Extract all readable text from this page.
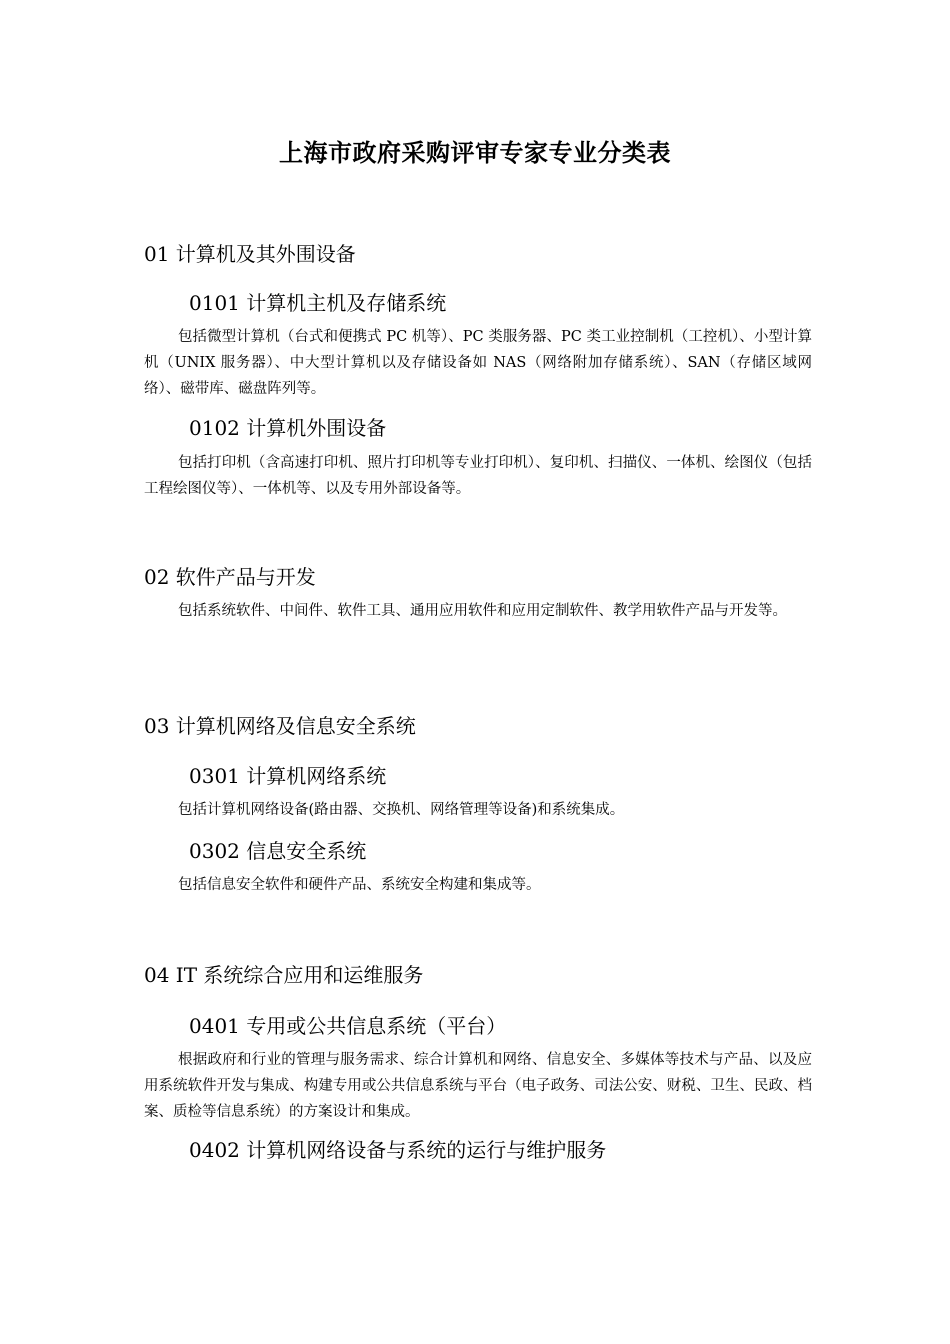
上海市政府采购评审专家专业分类表
01 计算机及其外围设备
0101 计算机主机及存储系统
包括微型计算机（台式和便携式 PC 机等）、PC 类服务器、PC 类工业控制机（工控机）、小型计算机（UNIX 服务器）、中大型计算机以及存储设备如 NAS（网络附加存储系统）、SAN（存储区域网络）、磁带库、磁盘阵列等。
0102 计算机外围设备
包括打印机（含高速打印机、照片打印机等专业打印机）、复印机、扫描仪、一体机、绘图仪（包括工程绘图仪等）、一体机等、以及专用外部设备等。
02 软件产品与开发
包括系统软件、中间件、软件工具、通用应用软件和应用定制软件、教学用软件产品与开发等。
03 计算机网络及信息安全系统
0301 计算机网络系统
包括计算机网络设备(路由器、交换机、网络管理等设备)和系统集成。
0302 信息安全系统
包括信息安全软件和硬件产品、系统安全构建和集成等。
04 IT 系统综合应用和运维服务
0401 专用或公共信息系统（平台）
根据政府和行业的管理与服务需求、综合计算机和网络、信息安全、多媒体等技术与产品、以及应用系统软件开发与集成、构建专用或公共信息系统与平台（电子政务、司法公安、财税、卫生、民政、档案、质检等信息系统）的方案设计和集成。
0402 计算机网络设备与系统的运行与维护服务
